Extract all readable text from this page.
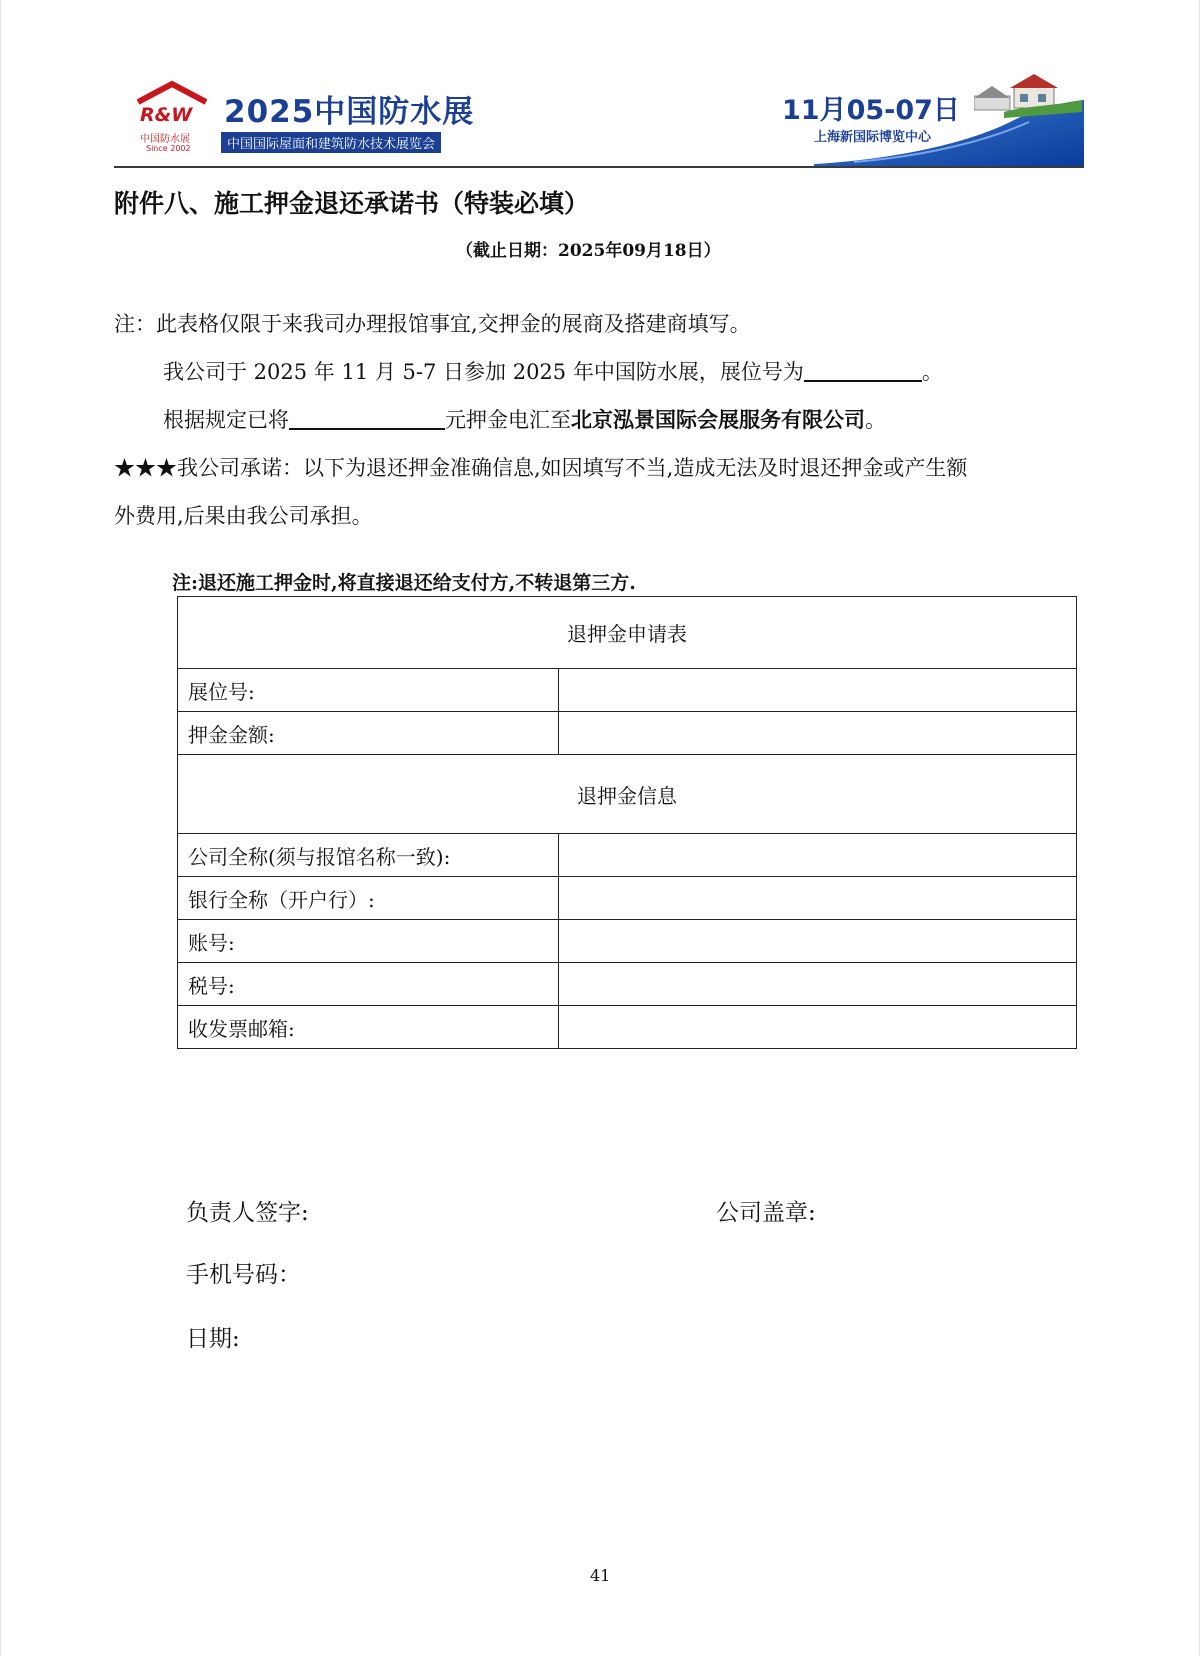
R&W
中国防水展
Since 2002
2025中国防水展
中国国际屋面和建筑防水技术展览会
11月05-07日
上海新国际博览中心
附件八、施工押金退还承诺书（特装必填）
（截止日期：2025年09月18日）
注：此表格仅限于来我司办理报馆事宜,交押金的展商及搭建商填写。
我公司于 2025 年 11 月 5-7 日参加 2025 年中国防水展，展位号为	。
根据规定已将	元押金电汇至北京泓景国际会展服务有限公司。
★★★我公司承诺：以下为退还押金准确信息,如因填写不当,造成无法及时退还押金或产生额
外费用,后果由我公司承担。
注:退还施工押金时,将直接退还给支付方,不转退第三方.
退押金申请表	
展位号:	
押金金额:	
退押金信息	
公司全称(须与报馆名称一致):	
银行全称（开户行）:	
账号:	
税号:	
收发票邮箱:	
负责人签字:	公司盖章:
手机号码：
日期:
41
